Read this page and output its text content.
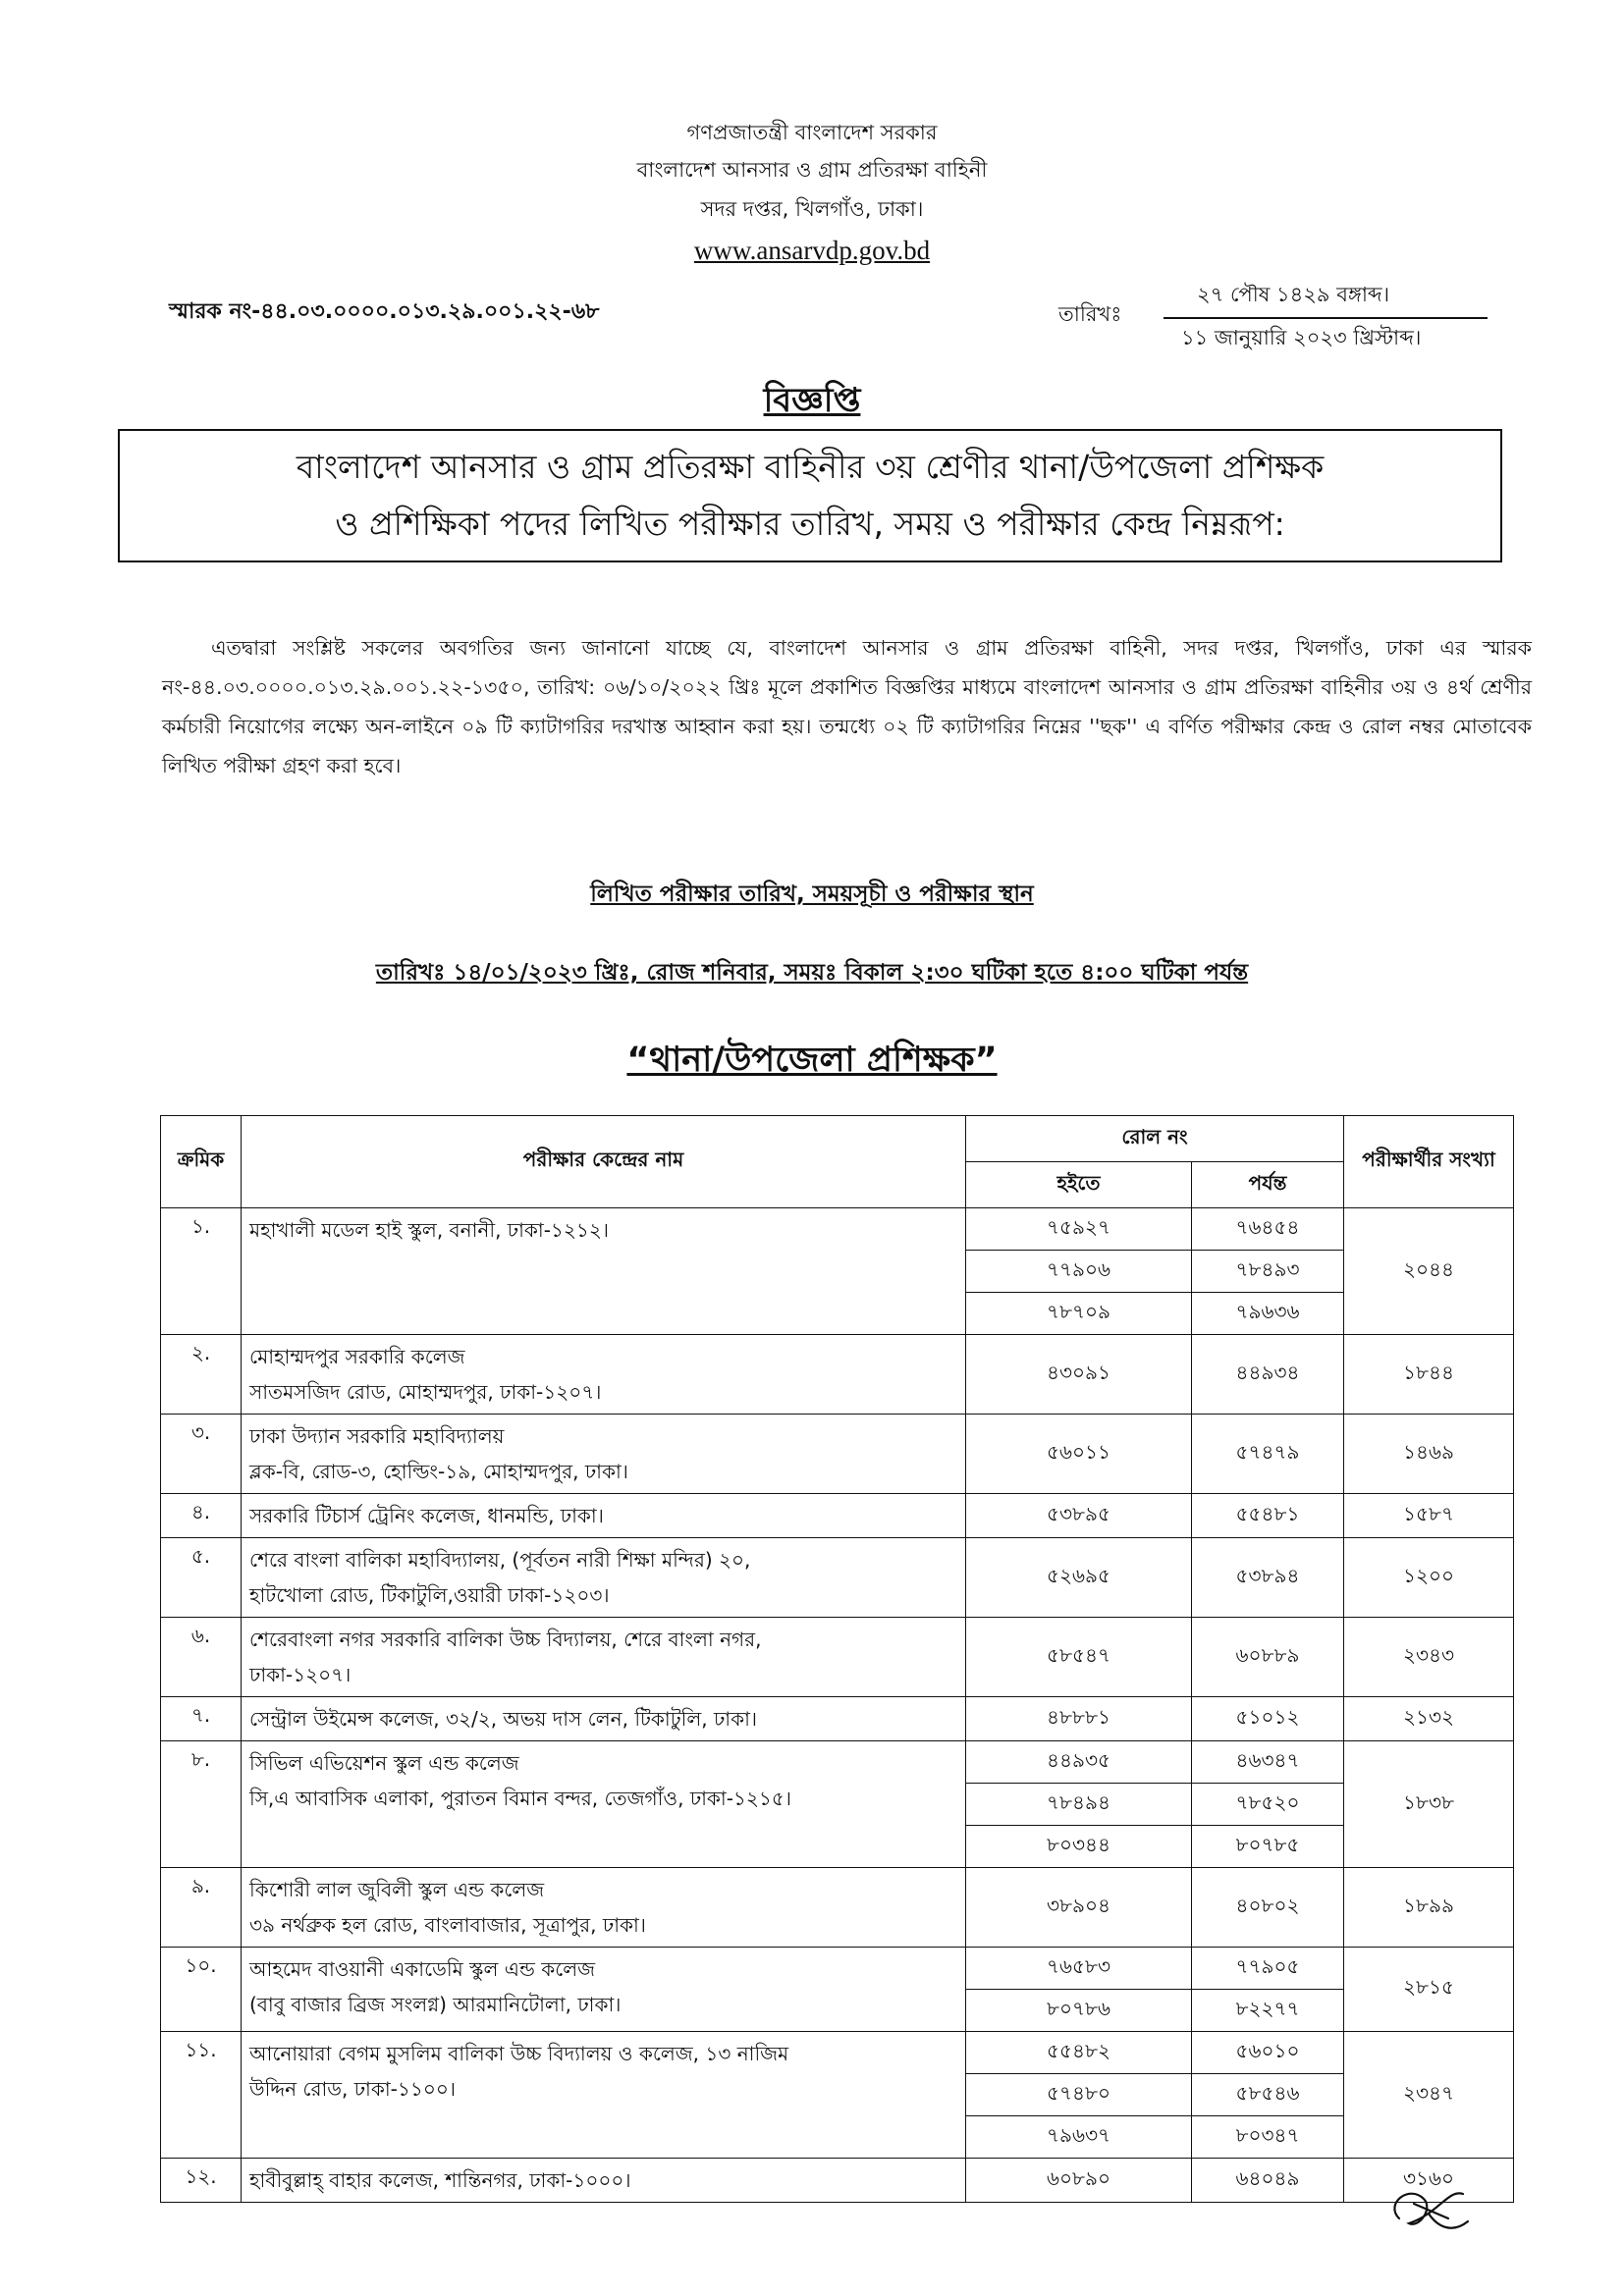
গণপ্রজাতন্ত্রী বাংলাদেশ সরকার
বাংলাদেশ আনসার ও গ্রাম প্রতিরক্ষা বাহিনী
সদর দপ্তর, খিলগাঁও, ঢাকা।
www.ansarvdp.gov.bd
স্মারক নং-৪৪.০৩.০০০০.০১৩.২৯.০০১.২২-৬৮	তারিখঃ
২৭ পৌষ ১৪২৯ বঙ্গাব্দ।
১১ জানুয়ারি ২০২৩ খ্রিস্টাব্দ।
বিজ্ঞপ্তি
বাংলাদেশ আনসার ও গ্রাম প্রতিরক্ষা বাহিনীর ৩য় শ্রেণীর থানা/উপজেলা প্রশিক্ষক
ও প্রশিক্ষিকা পদের লিখিত পরীক্ষার তারিখ, সময় ও পরীক্ষার কেন্দ্র নিম্নরূপ:
এতদ্বারা সংশ্লিষ্ট সকলের অবগতির জন্য জানানো যাচ্ছে যে, বাংলাদেশ আনসার ও গ্রাম প্রতিরক্ষা বাহিনী, সদর দপ্তর, খিলগাঁও, ঢাকা এর স্মারক নং-৪৪.০৩.০০০০.০১৩.২৯.০০১.২২-১৩৫০, তারিখ: ০৬/১০/২০২২ খ্রিঃ মূলে প্রকাশিত বিজ্ঞপ্তির মাধ্যমে বাংলাদেশ আনসার ও গ্রাম প্রতিরক্ষা বাহিনীর ৩য় ও ৪র্থ শ্রেণীর কর্মচারী নিয়োগের লক্ষ্যে অন-লাইনে ০৯ টি ক্যাটাগরির দরখাস্ত আহ্বান করা হয়। তন্মধ্যে ০২ টি ক্যাটাগরির নিম্নের ''ছক'' এ বর্ণিত পরীক্ষার কেন্দ্র ও রোল নম্বর মোতাবেক লিখিত পরীক্ষা গ্রহণ করা হবে।
লিখিত পরীক্ষার তারিখ, সময়সূচী ও পরীক্ষার স্থান
তারিখঃ ১৪/০১/২০২৩ খ্রিঃ, রোজ শনিবার, সময়ঃ বিকাল ২:৩০ ঘটিকা হতে ৪:০০ ঘটিকা পর্যন্ত
“থানা/উপজেলা প্রশিক্ষক”
ক্রমিক	পরীক্ষার কেন্দ্রের নাম	রোল নং		পরীক্ষার্থীর সংখ্যা
		হইতে	পর্যন্ত	
১.	মহাখালী মডেল হাই স্কুল, বনানী, ঢাকা-১২১২।	৭৫৯২৭	৭৬৪৫৪	২০৪৪
		৭৭৯০৬	৭৮৪৯৩	
		৭৮৭০৯	৭৯৬৩৬	
২.	মোহাম্মদপুর সরকারি কলেজ
সাতমসজিদ রোড, মোহাম্মদপুর, ঢাকা-১২০৭।	৪৩০৯১	৪৪৯৩৪	১৮৪৪
৩.	ঢাকা উদ্যান সরকারি মহাবিদ্যালয়
ব্লক-বি, রোড-৩, হোল্ডিং-১৯, মোহাম্মদপুর, ঢাকা।	৫৬০১১	৫৭৪৭৯	১৪৬৯
৪.	সরকারি টিচার্স ট্রেনিং কলেজ, ধানমন্ডি, ঢাকা।	৫৩৮৯৫	৫৫৪৮১	১৫৮৭
৫.	শেরে বাংলা বালিকা মহাবিদ্যালয়, (পূর্বতন নারী শিক্ষা মন্দির) ২০,
হাটখোলা রোড, টিকাটুলি,ওয়ারী ঢাকা-১২০৩।	৫২৬৯৫	৫৩৮৯৪	১২০০
৬.	শেরেবাংলা নগর সরকারি বালিকা উচ্চ বিদ্যালয়, শেরে বাংলা নগর,
ঢাকা-১২০৭।	৫৮৫৪৭	৬০৮৮৯	২৩৪৩
৭.	সেন্ট্রাল উইমেন্স কলেজ, ৩২/২, অভয় দাস লেন, টিকাটুলি, ঢাকা।	৪৮৮৮১	৫১০১২	২১৩২
৮.	সিভিল এভিয়েশন স্কুল এন্ড কলেজ
সি,এ আবাসিক এলাকা, পুরাতন বিমান বন্দর, তেজগাঁও, ঢাকা-১২১৫।	৪৪৯৩৫	৪৬৩৪৭	১৮৩৮
		৭৮৪৯৪	৭৮৫২০	
		৮০৩৪৪	৮০৭৮৫	
৯.	কিশোরী লাল জুবিলী স্কুল এন্ড কলেজ
৩৯ নর্থব্রুক হল রোড, বাংলাবাজার, সূত্রাপুর, ঢাকা।	৩৮৯০৪	৪০৮০২	১৮৯৯
১০.	আহমেদ বাওয়ানী একাডেমি স্কুল এন্ড কলেজ
(বাবু বাজার ব্রিজ সংলগ্ন) আরমানিটোলা, ঢাকা।	৭৬৫৮৩	৭৭৯০৫	২৮১৫
		৮০৭৮৬	৮২২৭৭	
১১.	আনোয়ারা বেগম মুসলিম বালিকা উচ্চ বিদ্যালয় ও কলেজ, ১৩ নাজিম
উদ্দিন রোড, ঢাকা-১১০০।	৫৫৪৮২	৫৬০১০	২৩৪৭
		৫৭৪৮০	৫৮৫৪৬	
		৭৯৬৩৭	৮০৩৪৭	
১২.	হাবীবুল্লাহ্‌ বাহার কলেজ, শান্তিনগর, ঢাকা-১০০০।	৬০৮৯০	৬৪০৪৯	৩১৬০
